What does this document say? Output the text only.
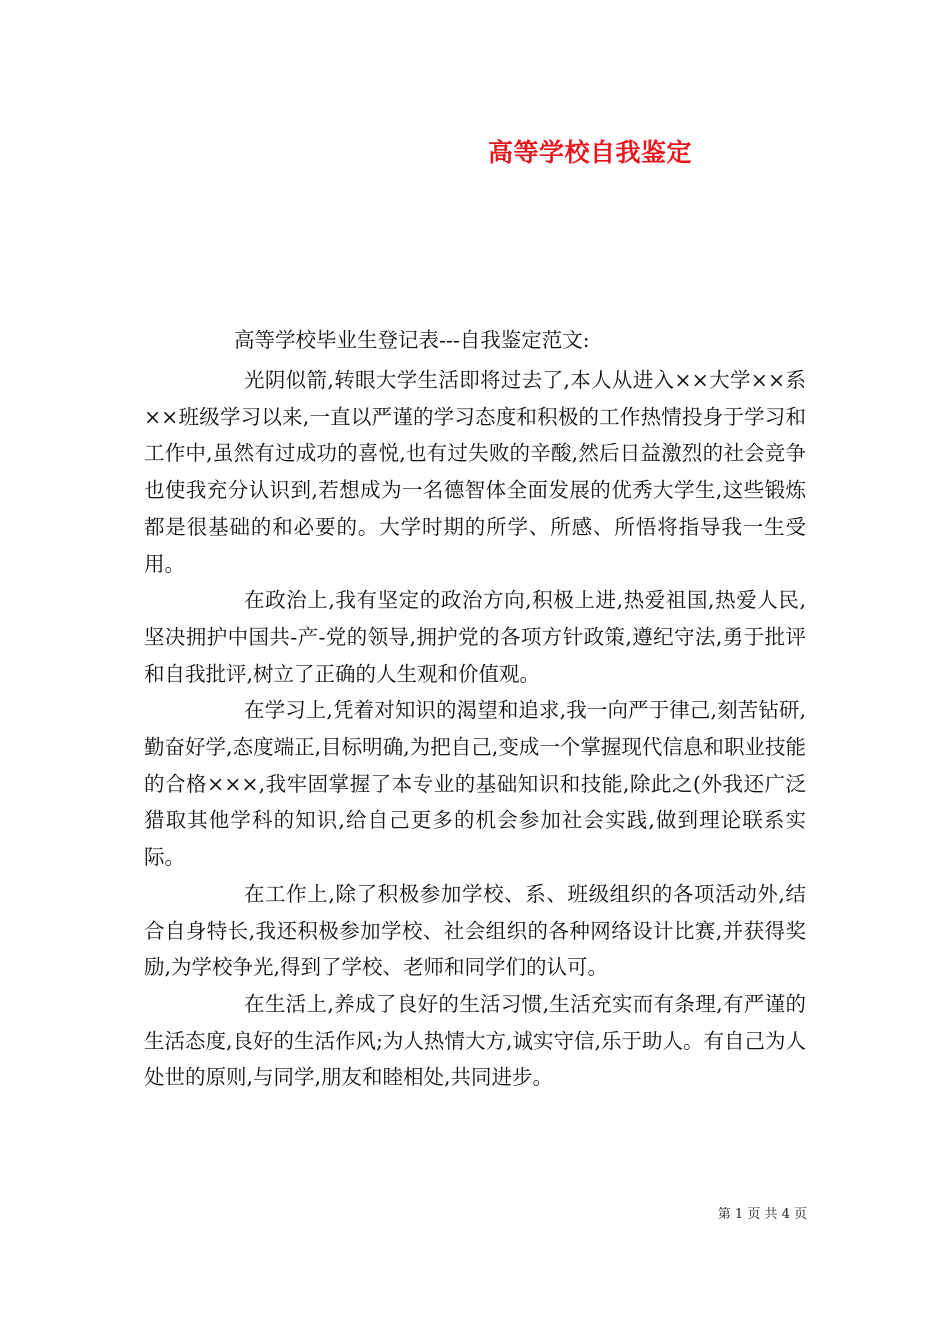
高等学校自我鉴定

高等学校毕业生登记表---自我鉴定范文:

光阴似箭,转眼大学生活即将过去了,本人从进入××大学××系××班级学习以来,一直以严谨的学习态度和积极的工作热情投身于学习和工作中,虽然有过成功的喜悦,也有过失败的辛酸,然后日益激烈的社会竞争也使我充分认识到,若想成为一名德智体全面发展的优秀大学生,这些锻炼都是很基础的和必要的。大学时期的所学、所感、所悟将指导我一生受用。

在政治上,我有坚定的政治方向,积极上进,热爱祖国,热爱人民,坚决拥护中国共-产-党的领导,拥护党的各项方针政策,遵纪守法,勇于批评和自我批评,树立了正确的人生观和价值观。

在学习上,凭着对知识的渴望和追求,我一向严于律己,刻苦钻研,勤奋好学,态度端正,目标明确,为把自己,变成一个掌握现代信息和职业技能的合格×××,我牢固掌握了本专业的基础知识和技能,除此之(外我还广泛猎取其他学科的知识,给自己更多的机会参加社会实践,做到理论联系实际。

在工作上,除了积极参加学校、系、班级组织的各项活动外,结合自身特长,我还积极参加学校、社会组织的各种网络设计比赛,并获得奖励,为学校争光,得到了学校、老师和同学们的认可。

在生活上,养成了良好的生活习惯,生活充实而有条理,有严谨的生活态度,良好的生活作风;为人热情大方,诚实守信,乐于助人。有自己为人处世的原则,与同学,朋友和睦相处,共同进步。

第 1 页 共 4 页
